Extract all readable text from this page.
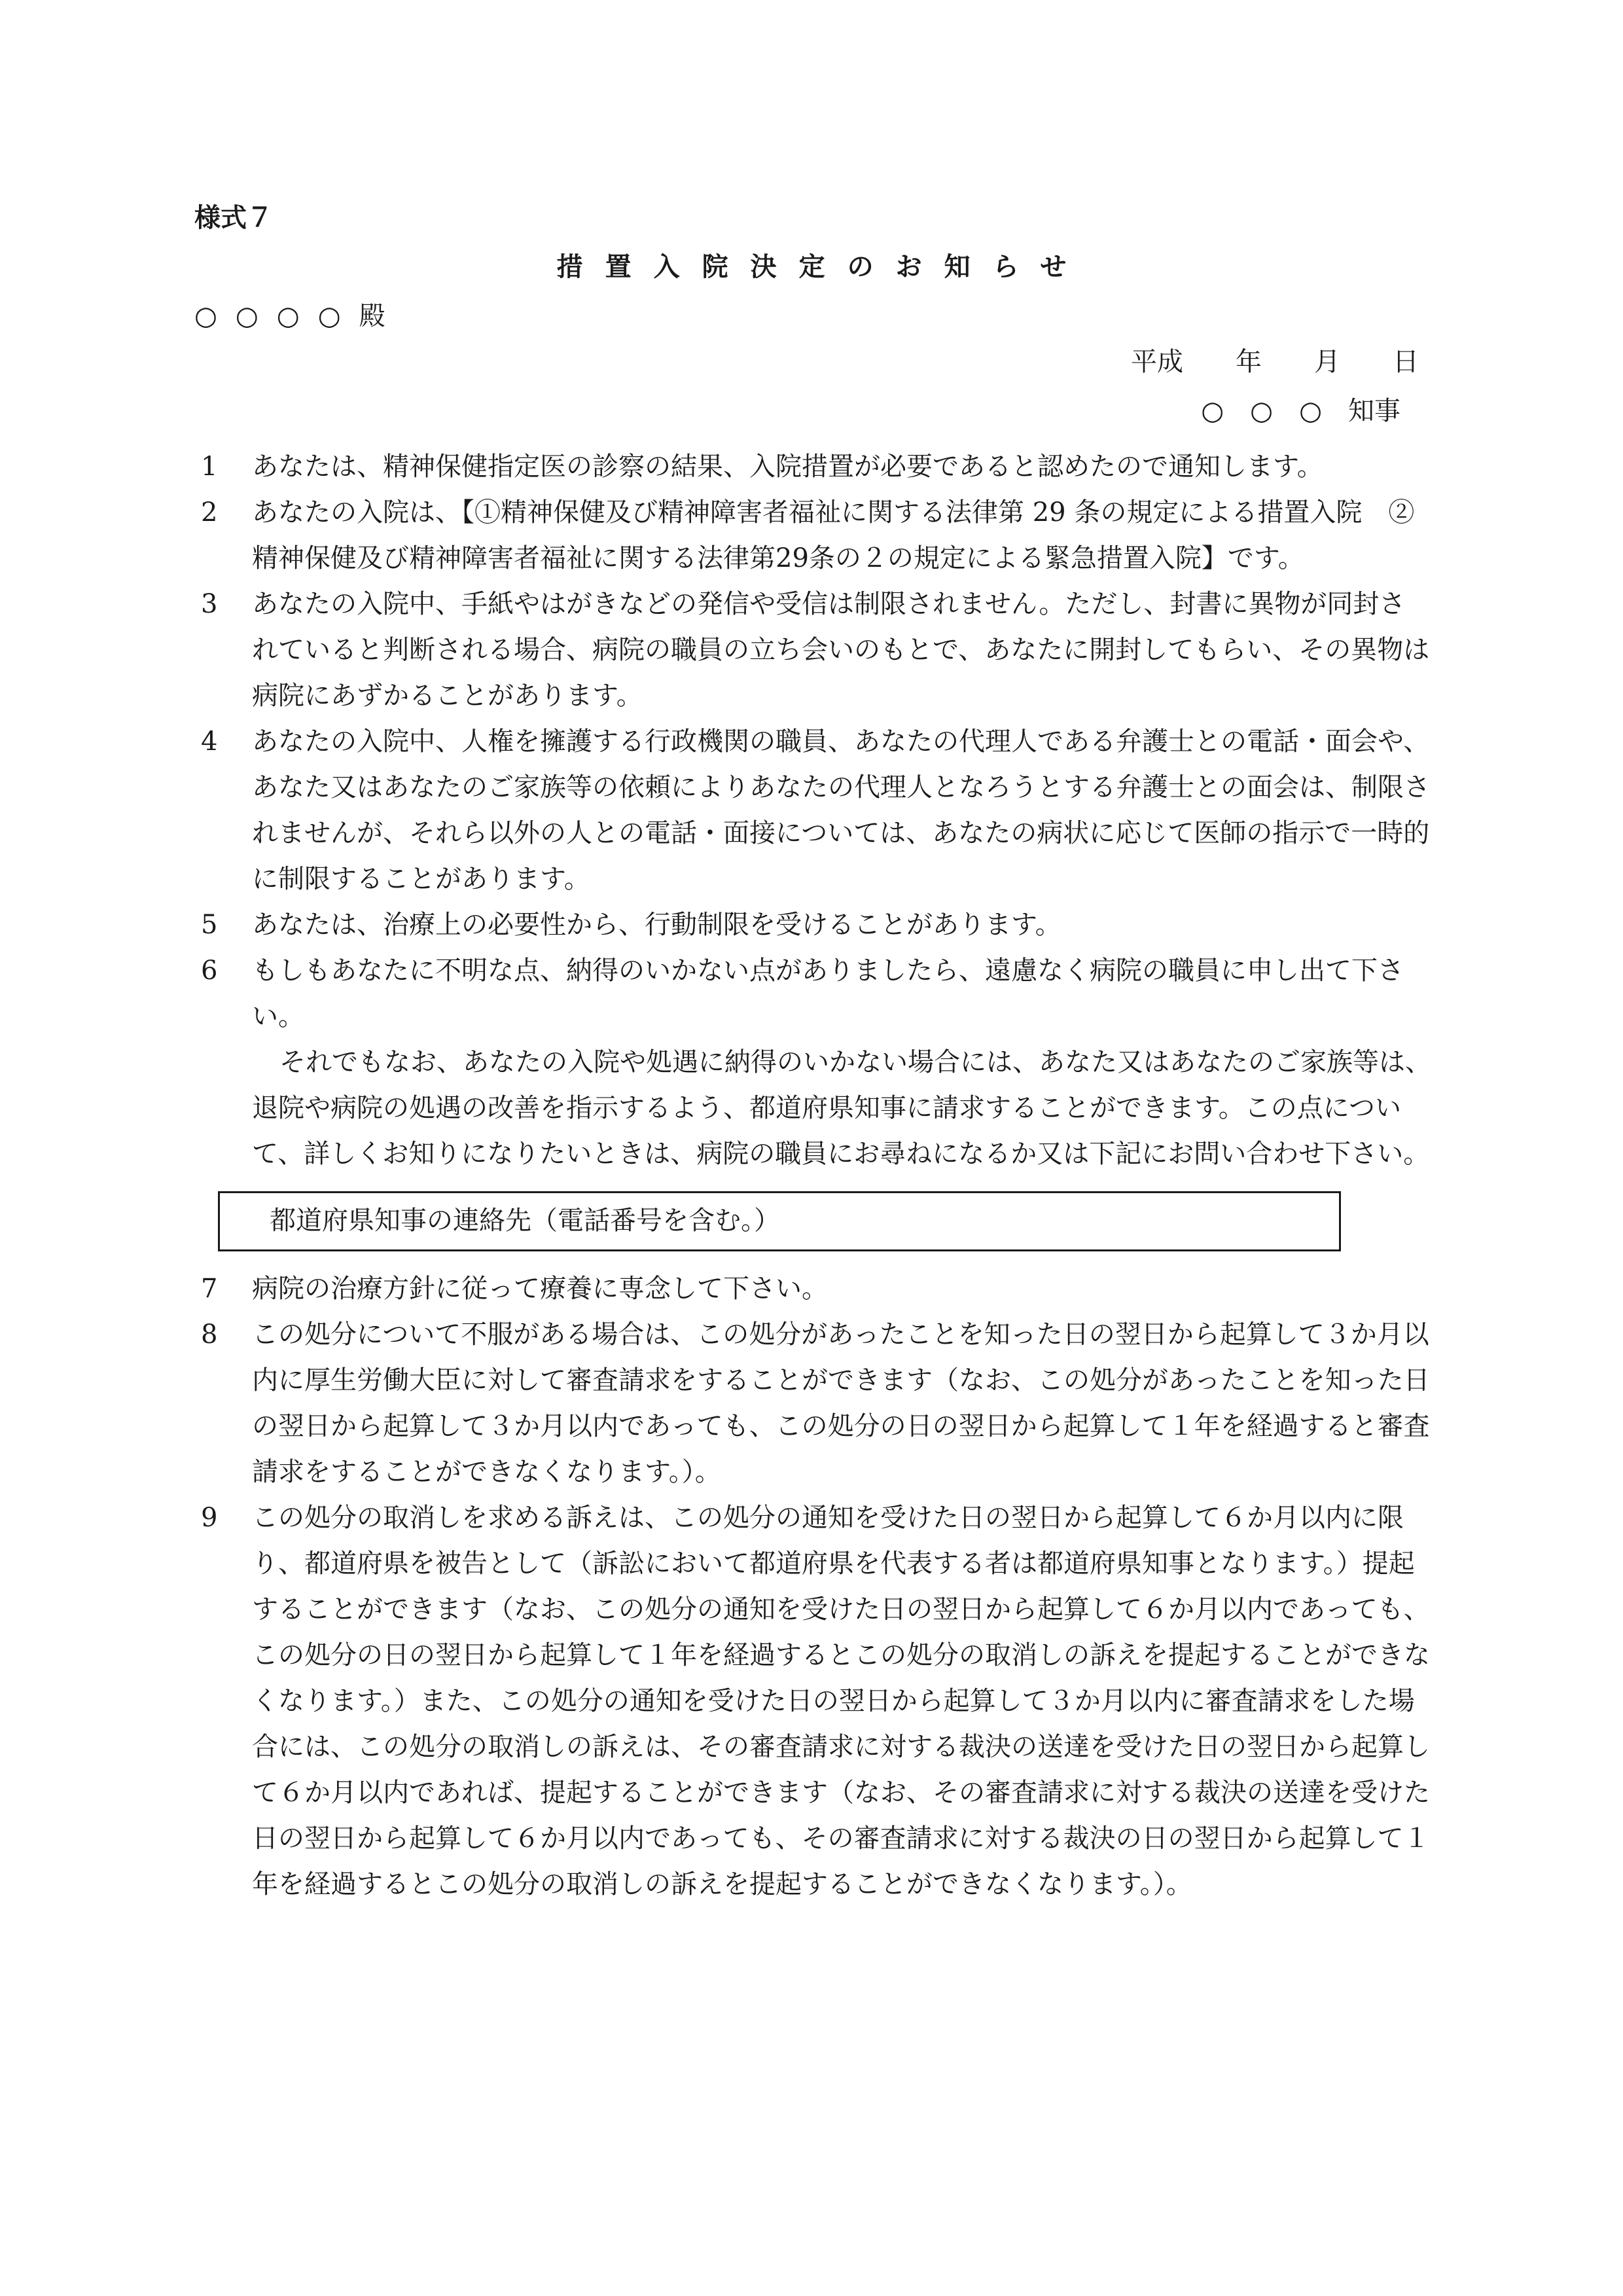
様式７
措置入院決定のお知らせ
○○○○殿
平成　　年　　月　　日
○　○　○　知事
1 あなたは、精神保健指定医の診察の結果、入院措置が必要であると認めたので通知します。

2 あなたの入院は、【①精神保健及び精神障害者福祉に関する法律第 29 条の規定による措置入院　②精神保健及び精神障害者福祉に関する法律第29条の２の規定による緊急措置入院】です。

3 あなたの入院中、手紙やはがきなどの発信や受信は制限されません。ただし、封書に異物が同封されていると判断される場合、病院の職員の立ち会いのもとで、あなたに開封してもらい、その異物は病院にあずかることがあります。

4 あなたの入院中、人権を擁護する行政機関の職員、あなたの代理人である弁護士との電話・面会や、あなた又はあなたのご家族等の依頼によりあなたの代理人となろうとする弁護士との面会は、制限されませんが、それら以外の人との電話・面接については、あなたの病状に応じて医師の指示で一時的に制限することがあります。

5 あなたは、治療上の必要性から、行動制限を受けることがあります。

6 もしもあなたに不明な点、納得のいかない点がありましたら、遠慮なく病院の職員に申し出て下さい。

それでもなお、あなたの入院や処遇に納得のいかない場合には、あなた又はあなたのご家族等は、退院や病院の処遇の改善を指示するよう、都道府県知事に請求することができます。この点について、詳しくお知りになりたいときは、病院の職員にお尋ねになるか又は下記にお問い合わせ下さい。

都道府県知事の連絡先（電話番号を含む。）
7 病院の治療方針に従って療養に専念して下さい。

8 この処分について不服がある場合は、この処分があったことを知った日の翌日から起算して３か月以内に厚生労働大臣に対して審査請求をすることができます（なお、この処分があったことを知った日の翌日から起算して３か月以内であっても、この処分の日の翌日から起算して１年を経過すると審査請求をすることができなくなります。）。

9 この処分の取消しを求める訴えは、この処分の通知を受けた日の翌日から起算して６か月以内に限り、都道府県を被告として（訴訟において都道府県を代表する者は都道府県知事となります。）提起することができます（なお、この処分の通知を受けた日の翌日から起算して６か月以内であっても、この処分の日の翌日から起算して１年を経過するとこの処分の取消しの訴えを提起することができなくなります。）また、この処分の通知を受けた日の翌日から起算して３か月以内に審査請求をした場合には、この処分の取消しの訴えは、その審査請求に対する裁決の送達を受けた日の翌日から起算して６か月以内であれば、提起することができます（なお、その審査請求に対する裁決の送達を受けた日の翌日から起算して６か月以内であっても、その審査請求に対する裁決の日の翌日から起算して１年を経過するとこの処分の取消しの訴えを提起することができなくなります。）。
